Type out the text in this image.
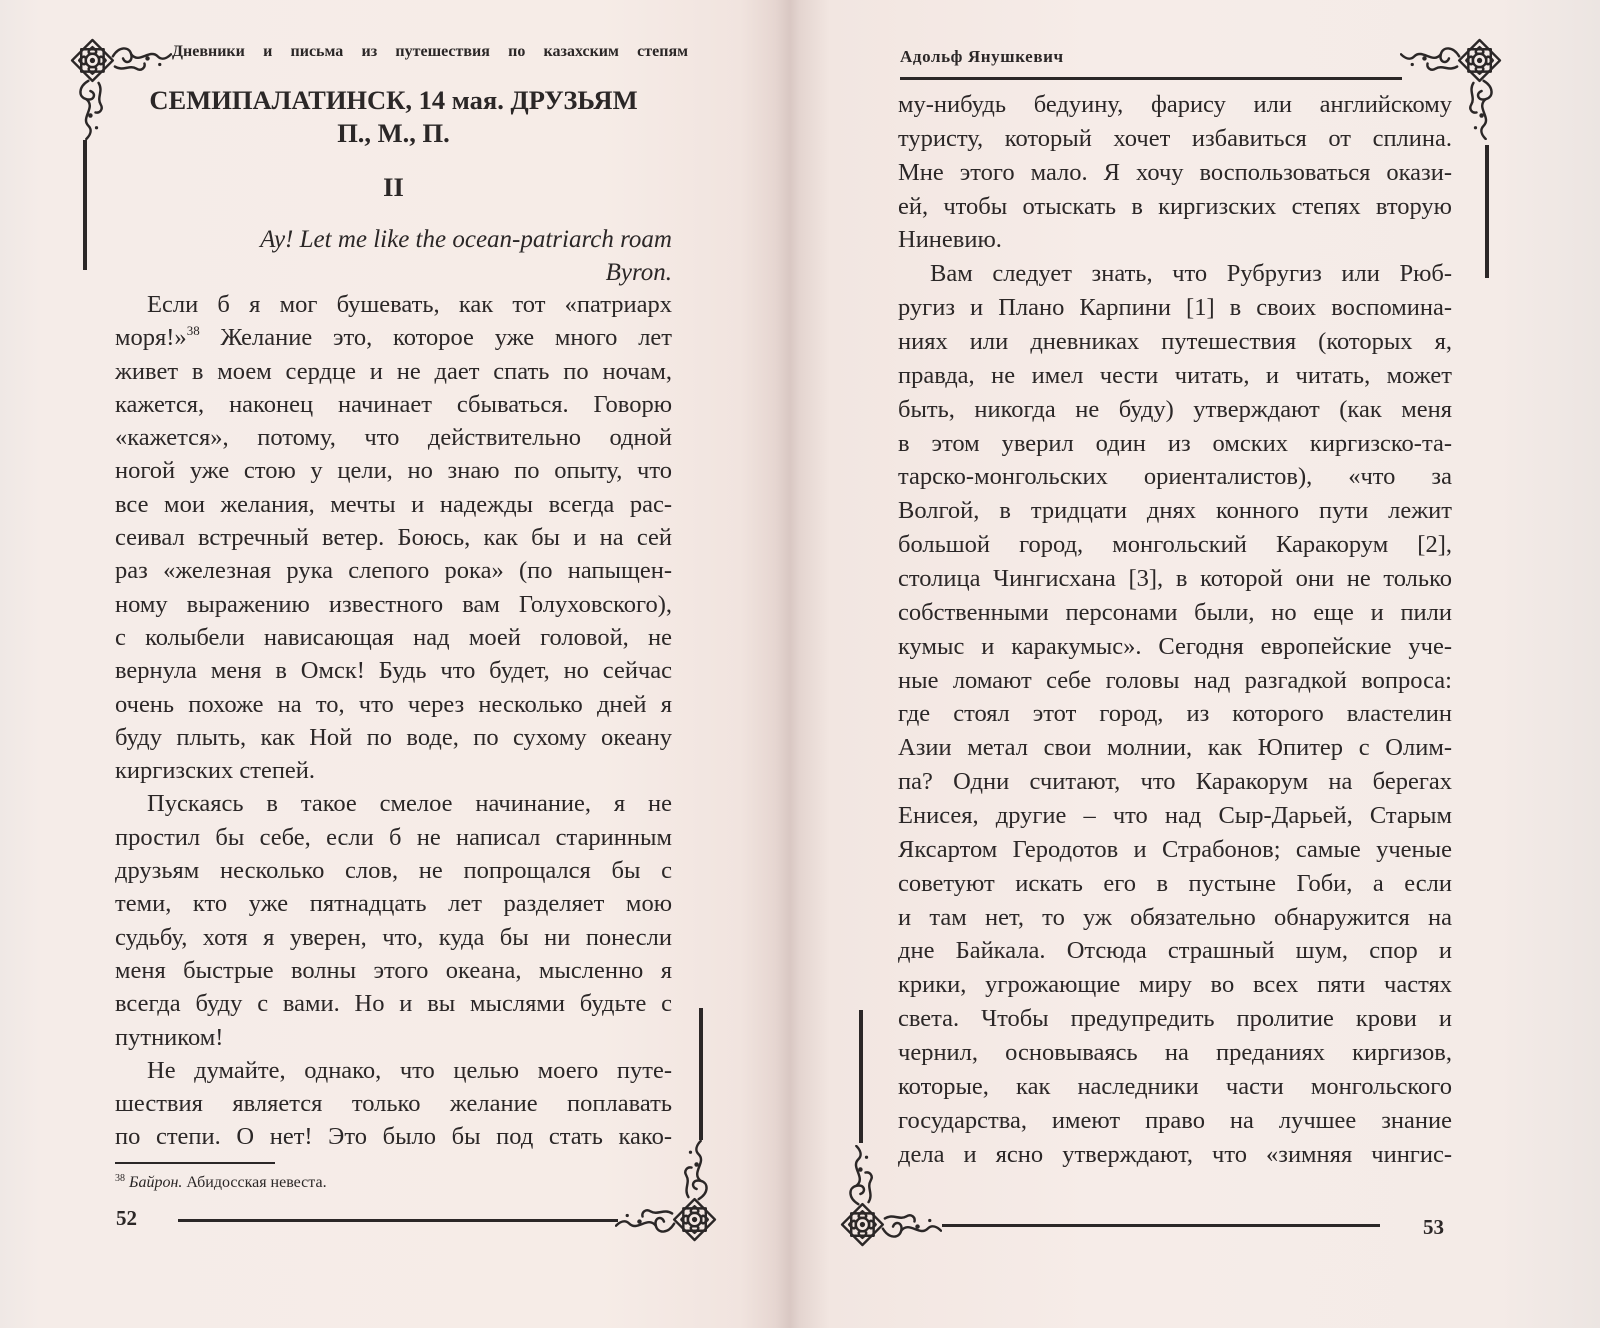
Дневники и письма из путешествия по казахским степям
СЕМИПАЛАТИНСК, 14 мая. ДРУЗЬЯМ
П., М., П.
II
Ay! Let me like the ocean-patriarch roam
Byron.
Если б я мог бушевать, как тот «патриарх
моря!»$^{38}$ Желание это, которое уже много лет
живет в моем сердце и не дает спать по ночам,
кажется, наконец начинает сбываться. Говорю
«кажется», потому, что действительно одной
ногой уже стою у цели, но знаю по опыту, что
все мои желания, мечты и надежды всегда рас-
сеивал встречный ветер. Боюсь, как бы и на сей
раз «железная рука слепого рока» (по напыщен-
ному выражению известного вам Голуховского),
с колыбели нависающая над моей головой, не
вернула меня в Омск! Будь что будет, но сейчас
очень похоже на то, что через несколько дней я
буду плыть, как Ной по воде, по сухому океану
киргизских степей.
Пускаясь в такое смелое начинание, я не
простил бы себе, если б не написал старинным
друзьям несколько слов, не попрощался бы с
теми, кто уже пятнадцать лет разделяет мою
судьбу, хотя я уверен, что, куда бы ни понесли
меня быстрые волны этого океана, мысленно я
всегда буду с вами. Но и вы мыслями будьте с
путником!
Не думайте, однако, что целью моего путе-
шествия является только желание поплавать
по степи. О нет! Это было бы под стать како-
$^{38}$ Байрон. Абидосская невеста.
52
Адольф Янушкевич
му-нибудь бедуину, фарису или английскому
туристу, который хочет избавиться от сплина.
Мне этого мало. Я хочу воспользоваться окази-
ей, чтобы отыскать в киргизских степях вторую
Ниневию.
Вам следует знать, что Рубругиз или Рюб-
ругиз и Плано Карпини [1] в своих воспомина-
ниях или дневниках путешествия (которых я,
правда, не имел чести читать, и читать, может
быть, никогда не буду) утверждают (как меня
в этом уверил один из омских киргизско-та-
тарско-монгольских ориенталистов), «что за
Волгой, в тридцати днях конного пути лежит
большой город, монгольский Каракорум [2],
столица Чингисхана [3], в которой они не только
собственными персонами были, но еще и пили
кумыс и каракумыс». Сегодня европейские уче-
ные ломают себе головы над разгадкой вопроса:
где стоял этот город, из которого властелин
Азии метал свои молнии, как Юпитер с Олим-
па? Одни считают, что Каракорум на берегах
Енисея, другие – что над Сыр-Дарьей, Старым
Яксартом Геродотов и Страбонов; самые ученые
советуют искать его в пустыне Гоби, а если
и там нет, то уж обязательно обнаружится на
дне Байкала. Отсюда страшный шум, спор и
крики, угрожающие миру во всех пяти частях
света. Чтобы предупредить пролитие крови и
чернил, основываясь на преданиях киргизов,
которые, как наследники части монгольского
государства, имеют право на лучшее знание
дела и ясно утверждают, что «зимняя чингис-
53
